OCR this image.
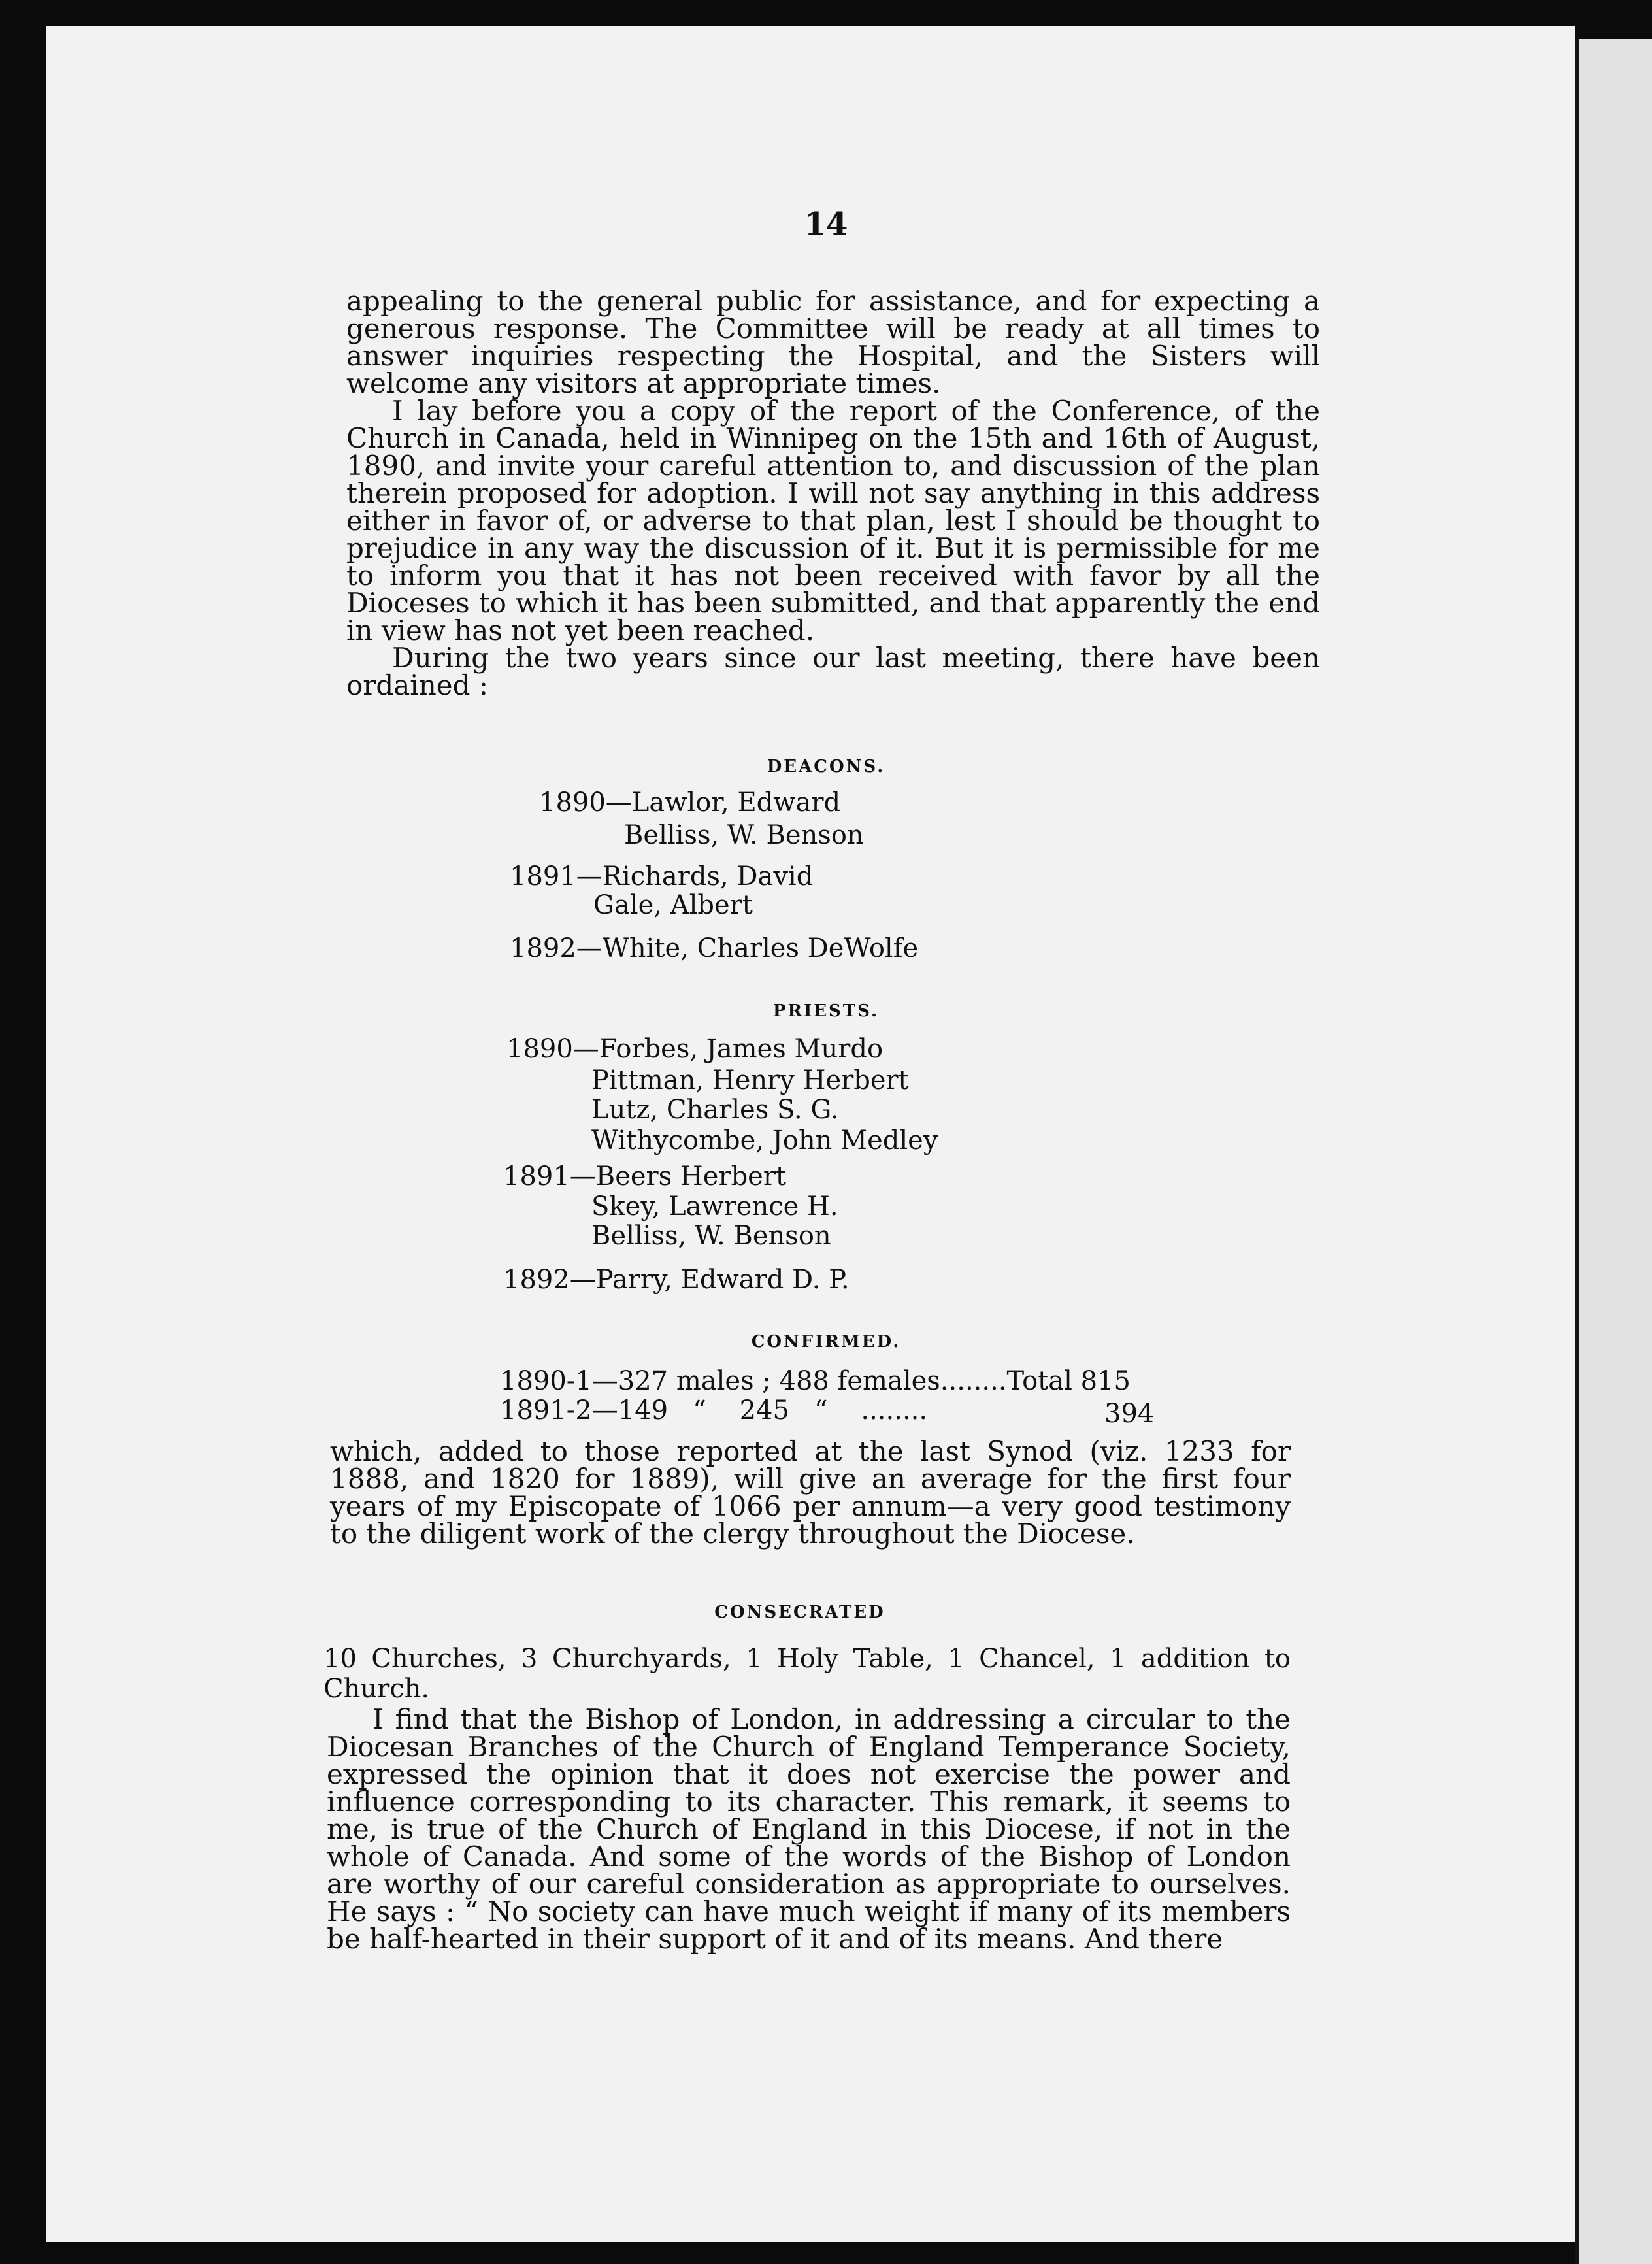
14

appealing to the general public for assistance, and for expecting a generous response. The Committee will be ready at all times to answer inquiries respecting the Hospital, and the Sisters will welcome any visitors at appropriate times.

I lay before you a copy of the report of the Conference, of the Church in Canada, held in Winnipeg on the 15th and 16th of August, 1890, and invite your careful attention to, and discussion of the plan therein proposed for adoption. I will not say anything in this address either in favor of, or adverse to that plan, lest I should be thought to prejudice in any way the discussion of it. But it is permissible for me to inform you that it has not been received with favor by all the Dioceses to which it has been submitted, and that apparently the end in view has not yet been reached.

During the two years since our last meeting, there have been ordained :

DEACONS.
1890—Lawlor, Edward
Belliss, W. Benson
1891—Richards, David
Gale, Albert
1892—White, Charles DeWolfe
PRIESTS.
1890—Forbes, James Murdo
Pittman, Henry Herbert
Lutz, Charles S. G.
Withycombe, John Medley
1891—Beers Herbert
Skey, Lawrence H.
Belliss, W. Benson
1892—Parry, Edward D. P.
CONFIRMED.
1890-1—327 males ; 488 females........Total 815
1891-2—149   “    245   “    ........	394

which, added to those reported at the last Synod (viz. 1233 for 1888, and 1820 for 1889), will give an average for the first four years of my Episcopate of 1066 per annum—a very good testimony to the diligent work of the clergy throughout the Diocese.

CONSECRATED
10 Churches, 3 Churchyards, 1 Holy Table, 1 Chancel, 1 addition to Church.

I find that the Bishop of London, in addressing a circular to the Diocesan Branches of the Church of England Temperance Society, expressed the opinion that it does not exercise the power and influence corresponding to its character. This remark, it seems to me, is true of the Church of England in this Diocese, if not in the whole of Canada. And some of the words of the Bishop of London are worthy of our careful consideration as appropriate to ourselves. He says : “ No society can have much weight if many of its members be half-hearted in their support of it and of its means. And there
